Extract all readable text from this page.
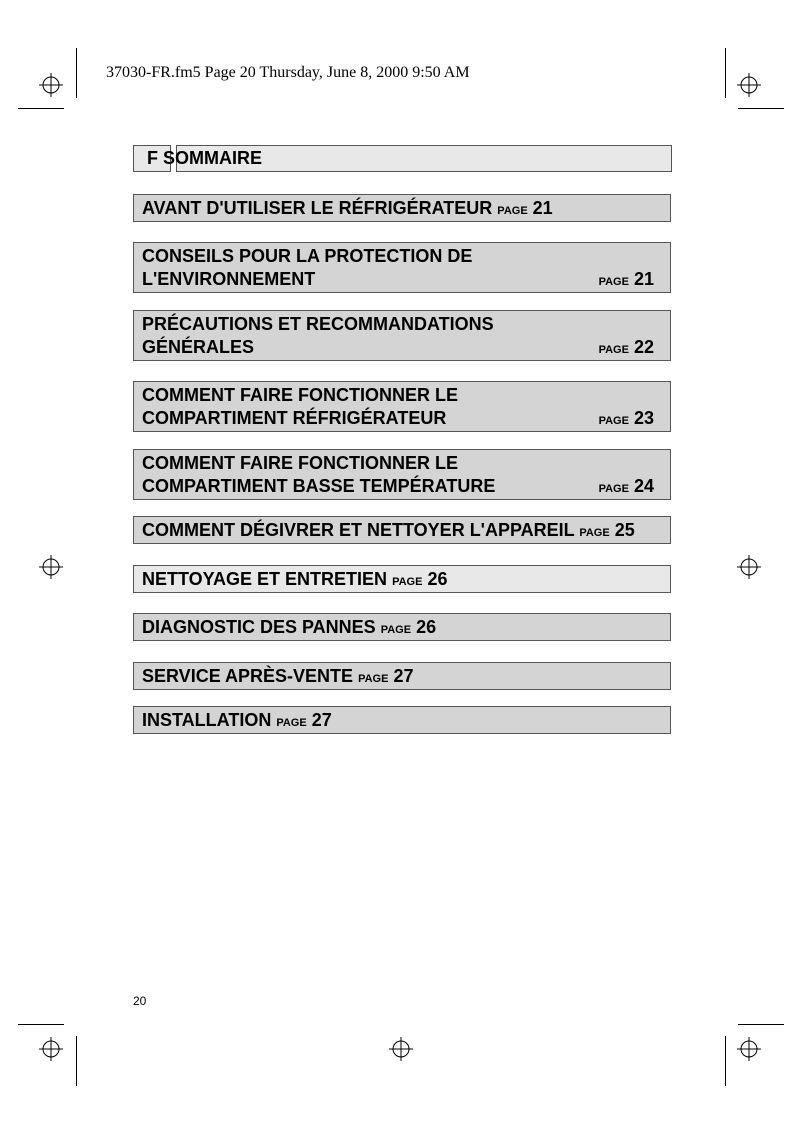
37030-FR.fm5 Page 20 Thursday, June 8, 2000 9:50 AM
F SOMMAIRE
AVANT D'UTILISER LE RÉFRIGÉRATEUR PAGE 21
CONSEILS POUR LA PROTECTION DE
L'ENVIRONNEMENT	PAGE 21
PRÉCAUTIONS ET RECOMMANDATIONS
GÉNÉRALES	PAGE 22
COMMENT FAIRE FONCTIONNER LE
COMPARTIMENT RÉFRIGÉRATEUR	PAGE 23
COMMENT FAIRE FONCTIONNER LE
COMPARTIMENT BASSE TEMPÉRATURE	PAGE 24
COMMENT DÉGIVRER ET NETTOYER L'APPAREIL PAGE 25
NETTOYAGE ET ENTRETIEN PAGE 26
DIAGNOSTIC DES PANNES PAGE 26
SERVICE APRÈS-VENTE PAGE 27
INSTALLATION PAGE 27
20
